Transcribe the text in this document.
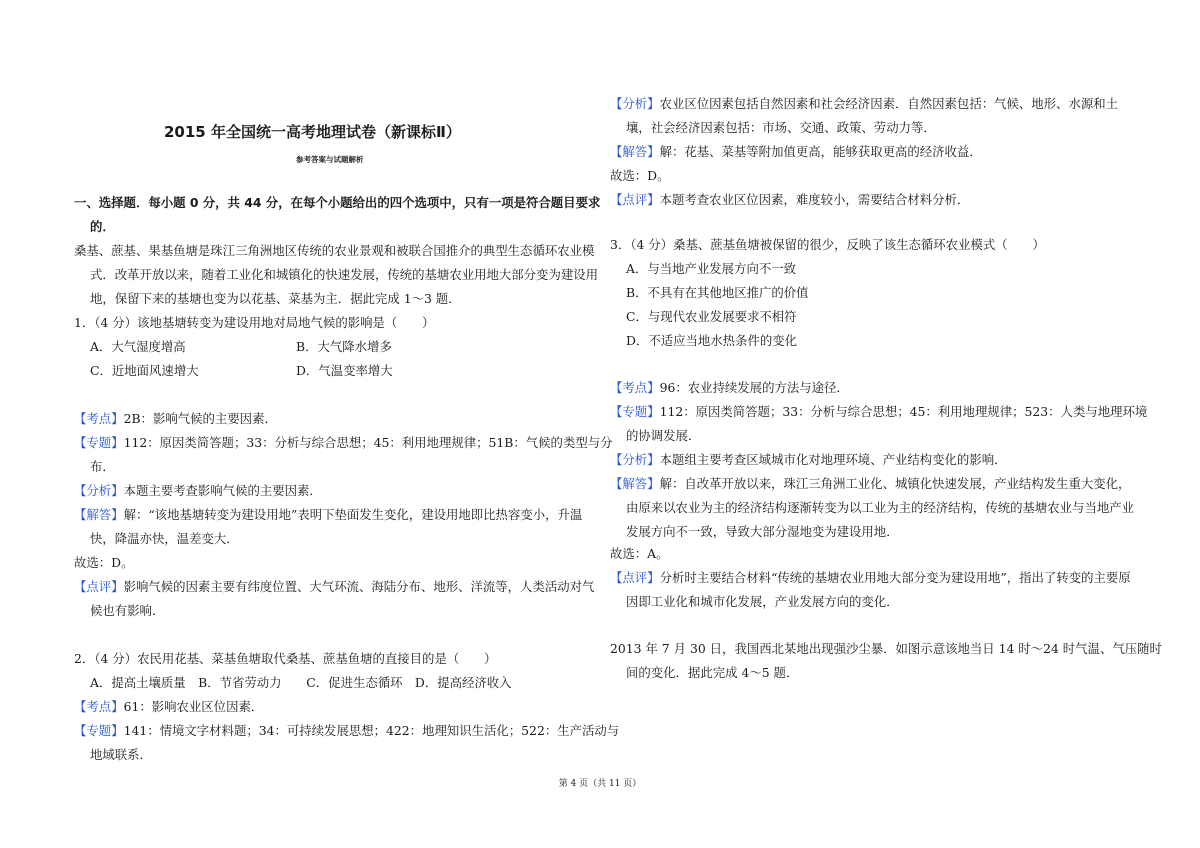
2015 年全国统一高考地理试卷（新课标Ⅱ）
参考答案与试题解析
一、选择题．每小题 0 分，共 44 分，在每个小题给出的四个选项中，只有一项是符合题目要求
的．
桑基、蔗基、果基鱼塘是珠江三角洲地区传统的农业景观和被联合国推介的典型生态循环农业模
式．改革开放以来，随着工业化和城镇化的快速发展，传统的基塘农业用地大部分变为建设用
地，保留下来的基塘也变为以花基、菜基为主．据此完成 1～3 题．
1．（4 分）该地基塘转变为建设用地对局地气候的影响是（　　）
A．大气湿度增高	B．大气降水增多
C．近地面风速增大	D．气温变率增大
【考点】2B：影响气候的主要因素．
【专题】112：原因类简答题；33：分析与综合思想；45：利用地理规律；51B：气候的类型与分
布．
【分析】本题主要考查影响气候的主要因素．
【解答】解：“该地基塘转变为建设用地”表明下垫面发生变化，建设用地即比热容变小，升温
快，降温亦快，温差变大．
故选：D。
【点评】影响气候的因素主要有纬度位置、大气环流、海陆分布、地形、洋流等，人类活动对气
候也有影响．
2．（4 分）农民用花基、菜基鱼塘取代桑基、蔗基鱼塘的直接目的是（　　）
A．提高土壤质量　B．节省劳动力　　C．促进生态循环　D．提高经济收入
【考点】61：影响农业区位因素．
【专题】141：情境文字材料题；34：可持续发展思想；422：地理知识生活化；522：生产活动与
地域联系．
【分析】农业区位因素包括自然因素和社会经济因素．自然因素包括：气候、地形、水源和土
壤，社会经济因素包括：市场、交通、政策、劳动力等．
【解答】解：花基、菜基等附加值更高，能够获取更高的经济收益．
故选：D。
【点评】本题考查农业区位因素，难度较小，需要结合材料分析．
3．（4 分）桑基、蔗基鱼塘被保留的很少，反映了该生态循环农业模式（　　）
A．与当地产业发展方向不一致
B．不具有在其他地区推广的价值
C．与现代农业发展要求不相符
D．不适应当地水热条件的变化
【考点】96：农业持续发展的方法与途径．
【专题】112：原因类简答题；33：分析与综合思想；45：利用地理规律；523：人类与地理环境
的协调发展．
【分析】本题组主要考查区域城市化对地理环境、产业结构变化的影响．
【解答】解：自改革开放以来，珠江三角洲工业化、城镇化快速发展，产业结构发生重大变化，
由原来以农业为主的经济结构逐渐转变为以工业为主的经济结构，传统的基塘农业与当地产业
发展方向不一致，导致大部分湿地变为建设用地．
故选：A。
【点评】分析时主要结合材料“传统的基塘农业用地大部分变为建设用地”，指出了转变的主要原
因即工业化和城市化发展，产业发展方向的变化．
2013 年 7 月 30 日，我国西北某地出现强沙尘暴．如图示意该地当日 14 时～24 时气温、气压随时
间的变化．据此完成 4～5 题．
第 4 页（共 11 页）
